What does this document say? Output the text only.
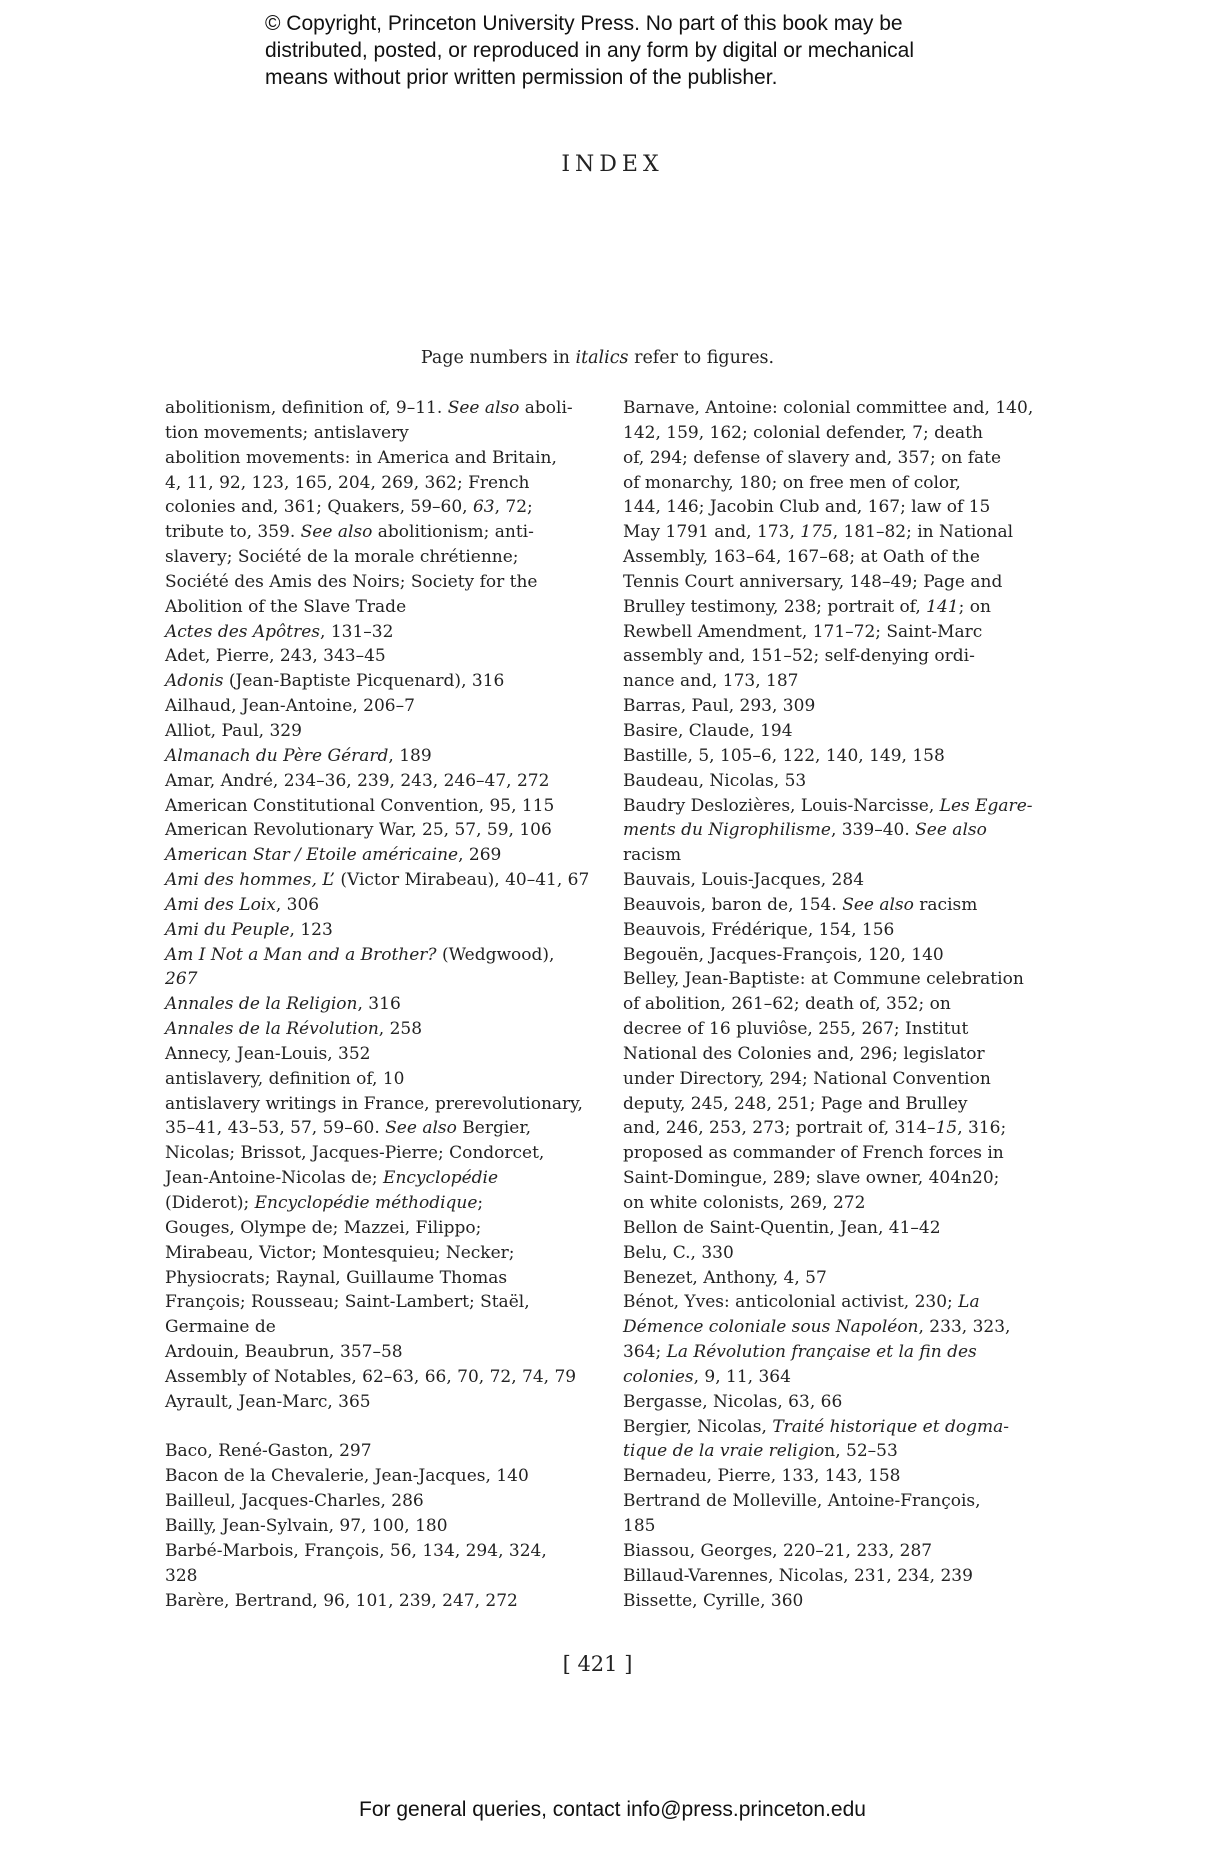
© Copyright, Princeton University Press. No part of this book may be
distributed, posted, or reproduced in any form by digital or mechanical
means without prior written permission of the publisher.
INDEX
Page numbers in italics refer to figures.
abolitionism, definition of, 9–11. See also aboli-
tion movements; antislavery
abolition movements: in America and Britain,
4, 11, 92, 123, 165, 204, 269, 362; French
colonies and, 361; Quakers, 59–60, 63, 72;
tribute to, 359. See also abolitionism; anti-
slavery; Société de la morale chrétienne;
Société des Amis des Noirs; Society for the
Abolition of the Slave Trade
Actes des Apôtres, 131–32
Adet, Pierre, 243, 343–45
Adonis (Jean-Baptiste Picquenard), 316
Ailhaud, Jean-Antoine, 206–7
Alliot, Paul, 329
Almanach du Père Gérard, 189
Amar, André, 234–36, 239, 243, 246–47, 272
American Constitutional Convention, 95, 115
American Revolutionary War, 25, 57, 59, 106
American Star / Etoile américaine, 269
Ami des hommes, L’ (Victor Mirabeau), 40–41, 67
Ami des Loix, 306
Ami du Peuple, 123
Am I Not a Man and a Brother? (Wedgwood),
267
Annales de la Religion, 316
Annales de la Révolution, 258
Annecy, Jean-Louis, 352
antislavery, definition of, 10
antislavery writings in France, prerevolutionary,
35–41, 43–53, 57, 59–60. See also Bergier,
Nicolas; Brissot, Jacques-Pierre; Condorcet,
Jean-Antoine-Nicolas de; Encyclopédie
(Diderot); Encyclopédie méthodique;
Gouges, Olympe de; Mazzei, Filippo;
Mirabeau, Victor; Montesquieu; Necker;
Physiocrats; Raynal, Guillaume Thomas
François; Rousseau; Saint-Lambert; Staël,
Germaine de
Ardouin, Beaubrun, 357–58
Assembly of Notables, 62–63, 66, 70, 72, 74, 79
Ayrault, Jean-Marc, 365
Baco, René-Gaston, 297
Bacon de la Chevalerie, Jean-Jacques, 140
Bailleul, Jacques-Charles, 286
Bailly, Jean-Sylvain, 97, 100, 180
Barbé-Marbois, François, 56, 134, 294, 324,
328
Barère, Bertrand, 96, 101, 239, 247, 272
Barnave, Antoine: colonial committee and, 140,
142, 159, 162; colonial defender, 7; death
of, 294; defense of slavery and, 357; on fate
of monarchy, 180; on free men of color,
144, 146; Jacobin Club and, 167; law of 15
May 1791 and, 173, 175, 181–82; in National
Assembly, 163–64, 167–68; at Oath of the
Tennis Court anniversary, 148–49; Page and
Brulley testimony, 238; portrait of, 141; on
Rewbell Amendment, 171–72; Saint-Marc
assembly and, 151–52; self-denying ordi-
nance and, 173, 187
Barras, Paul, 293, 309
Basire, Claude, 194
Bastille, 5, 105–6, 122, 140, 149, 158
Baudeau, Nicolas, 53
Baudry Deslozières, Louis-Narcisse, Les Egare-
ments du Nigrophilisme, 339–40. See also
racism
Bauvais, Louis-Jacques, 284
Beauvois, baron de, 154. See also racism
Beauvois, Frédérique, 154, 156
Begouën, Jacques-François, 120, 140
Belley, Jean-Baptiste: at Commune celebration
of abolition, 261–62; death of, 352; on
decree of 16 pluviôse, 255, 267; Institut
National des Colonies and, 296; legislator
under Directory, 294; National Convention
deputy, 245, 248, 251; Page and Brulley
and, 246, 253, 273; portrait of, 314–15, 316;
proposed as commander of French forces in
Saint-Domingue, 289; slave owner, 404n20;
on white colonists, 269, 272
Bellon de Saint-Quentin, Jean, 41–42
Belu, C., 330
Benezet, Anthony, 4, 57
Bénot, Yves: anticolonial activist, 230; La
Démence coloniale sous Napoléon, 233, 323,
364; La Révolution française et la fin des
colonies, 9, 11, 364
Bergasse, Nicolas, 63, 66
Bergier, Nicolas, Traité historique et dogma-
tique de la vraie religion, 52–53
Bernadeu, Pierre, 133, 143, 158
Bertrand de Molleville, Antoine-François,
185
Biassou, Georges, 220–21, 233, 287
Billaud-Varennes, Nicolas, 231, 234, 239
Bissette, Cyrille, 360
[ 421 ]
For general queries, contact info@press.princeton.edu
